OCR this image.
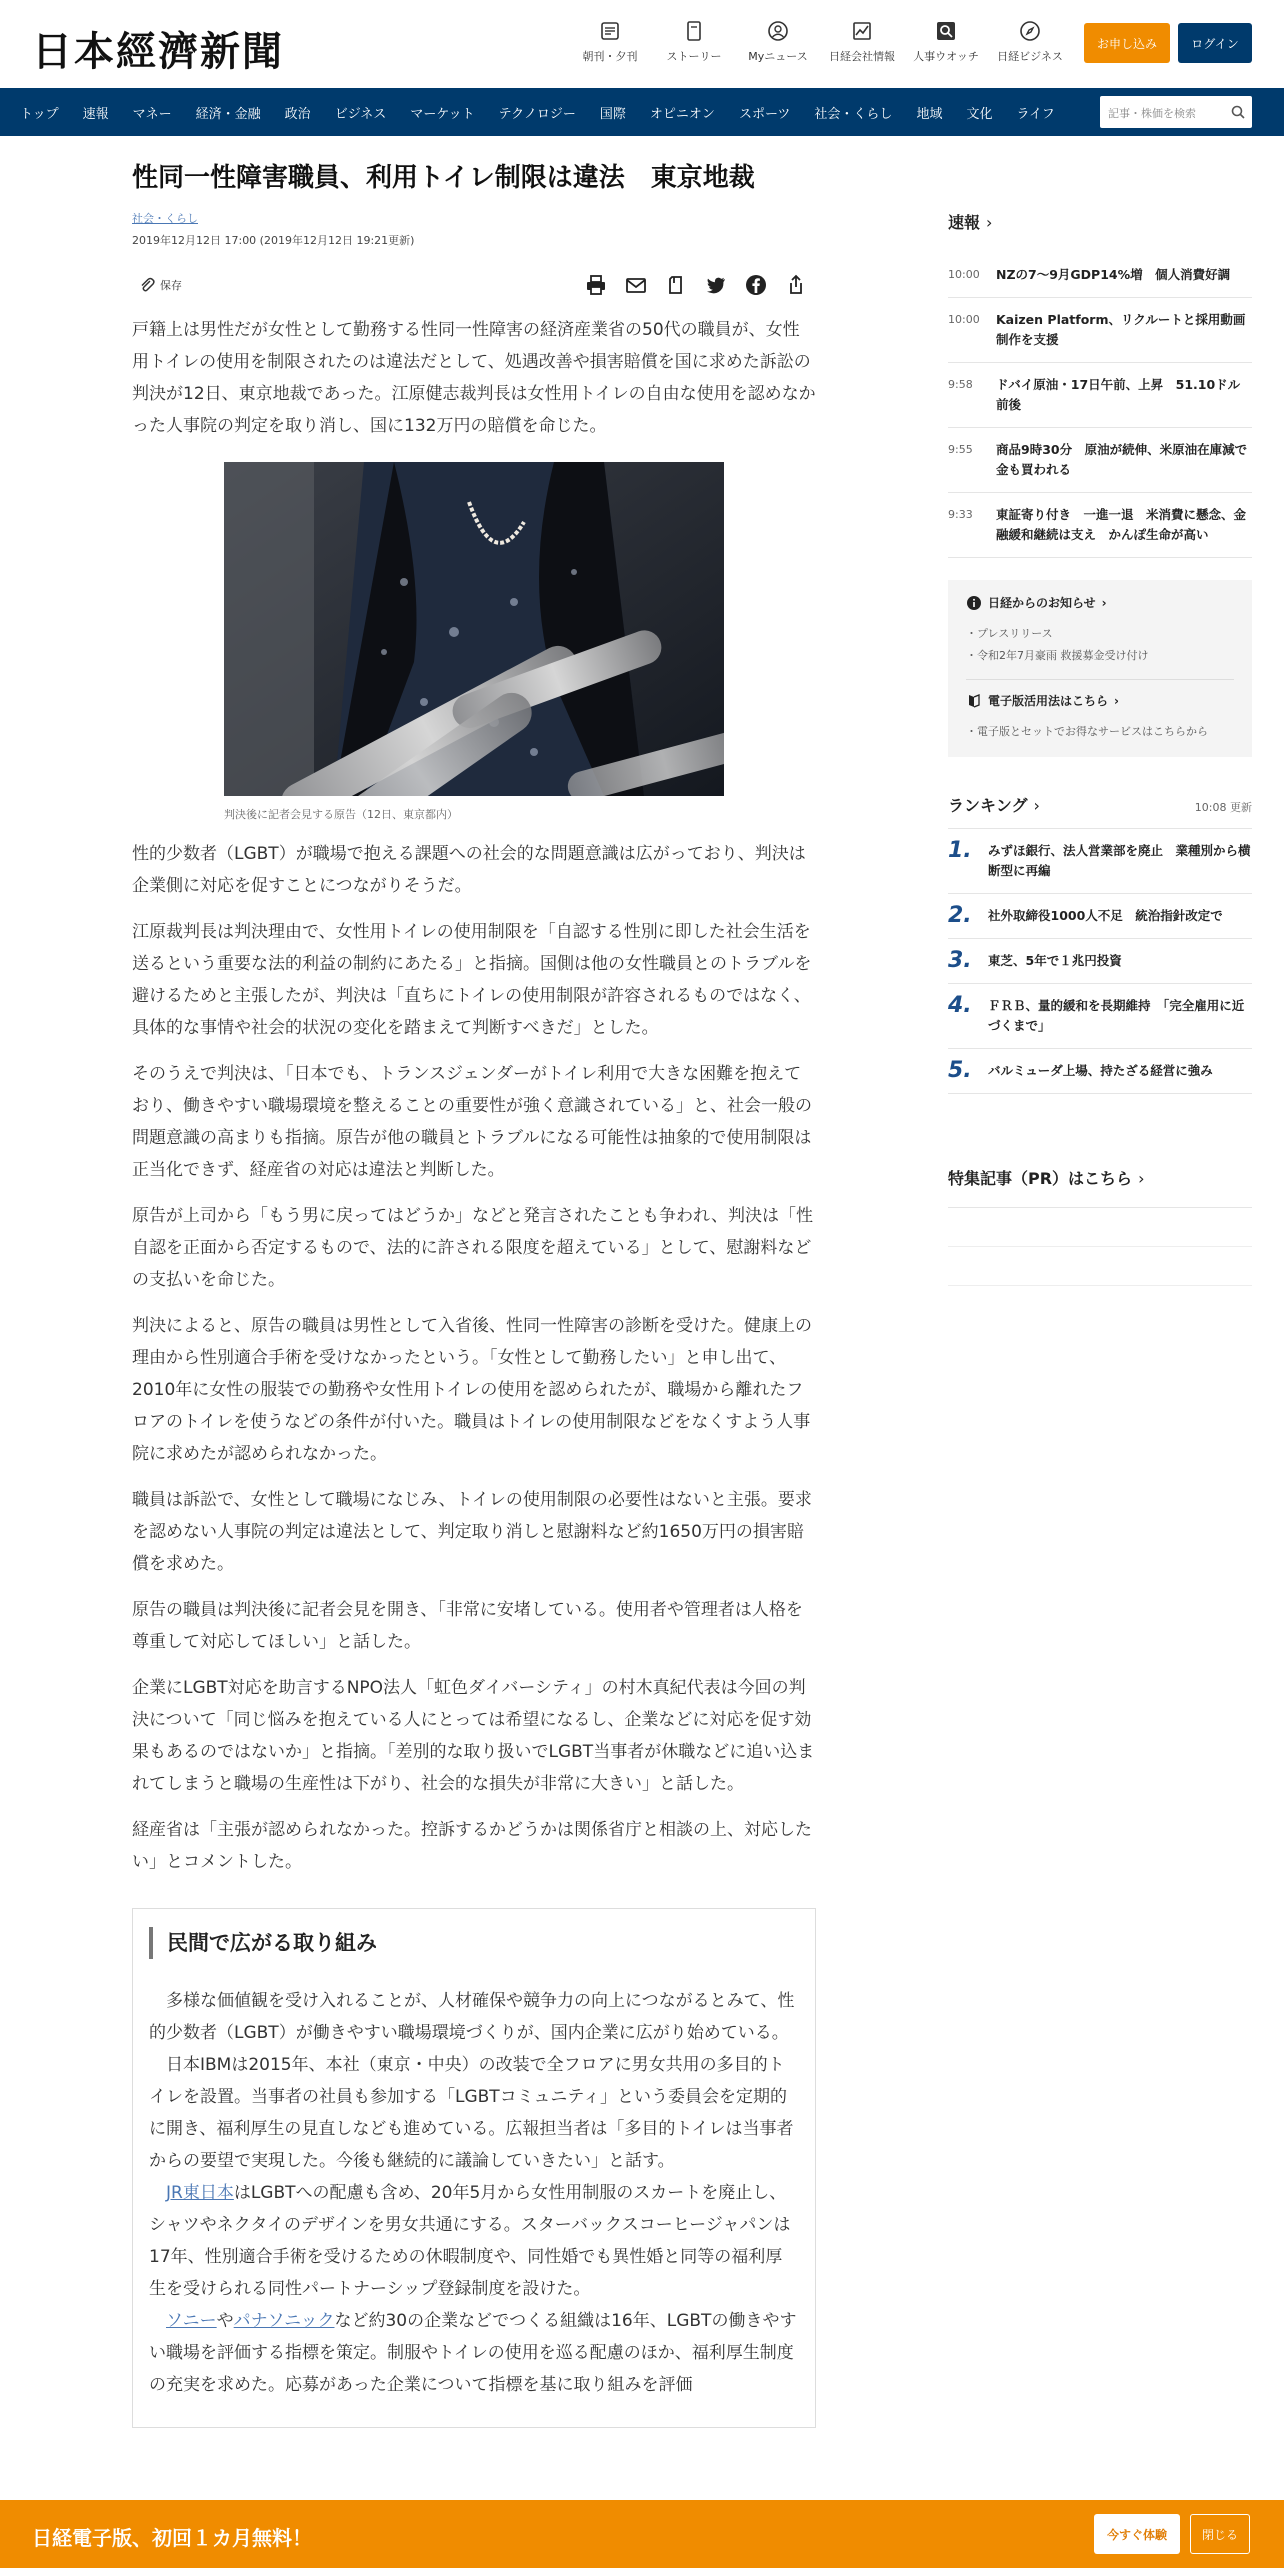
日本經濟新聞	朝刊・夕刊	ストーリー	Myニュース	日経会社情報	人事ウオッチ	日経ビジネス
お申し込み	ログイン
トップ 速報 マネー 経済・金融 政治 ビジネス マーケット テクノロジー 国際 オピニオン スポーツ 社会・くらし 地域 文化 ライフ	記事・株価を検索
性同一性障害職員、利用トイレ制限は違法　東京地裁
社会・くらし
2019年12月12日 17:00 (2019年12月12日 19:21更新)
保存

戸籍上は男性だが女性として勤務する性同一性障害の経済産業省の50代の職員が、女性用トイレの使用を制限されたのは違法だとして、処遇改善や損害賠償を国に求めた訴訟の判決が12日、東京地裁であった。江原健志裁判長は女性用トイレの自由な使用を認めなかった人事院の判定を取り消し、国に132万円の賠償を命じた。

判決後に記者会見する原告（12日、東京都内）

性的少数者（LGBT）が職場で抱える課題への社会的な問題意識は広がっており、判決は企業側に対応を促すことにつながりそうだ。

江原裁判長は判決理由で、女性用トイレの使用制限を「自認する性別に即した社会生活を送るという重要な法的利益の制約にあたる」と指摘。国側は他の女性職員とのトラブルを避けるためと主張したが、判決は「直ちにトイレの使用制限が許容されるものではなく、具体的な事情や社会的状況の変化を踏まえて判断すべきだ」とした。

そのうえで判決は、「日本でも、トランスジェンダーがトイレ利用で大きな困難を抱えており、働きやすい職場環境を整えることの重要性が強く意識されている」と、社会一般の問題意識の高まりも指摘。原告が他の職員とトラブルになる可能性は抽象的で使用制限は正当化できず、経産省の対応は違法と判断した。

原告が上司から「もう男に戻ってはどうか」などと発言されたことも争われ、判決は「性自認を正面から否定するもので、法的に許される限度を超えている」として、慰謝料などの支払いを命じた。

判決によると、原告の職員は男性として入省後、性同一性障害の診断を受けた。健康上の理由から性別適合手術を受けなかったという。「女性として勤務したい」と申し出て、2010年に女性の服装での勤務や女性用トイレの使用を認められたが、職場から離れたフロアのトイレを使うなどの条件が付いた。職員はトイレの使用制限などをなくすよう人事院に求めたが認められなかった。

職員は訴訟で、女性として職場になじみ、トイレの使用制限の必要性はないと主張。要求を認めない人事院の判定は違法として、判定取り消しと慰謝料など約1650万円の損害賠償を求めた。

原告の職員は判決後に記者会見を開き、「非常に安堵している。使用者や管理者は人格を尊重して対応してほしい」と話した。

企業にLGBT対応を助言するNPO法人「虹色ダイバーシティ」の村木真紀代表は今回の判決について「同じ悩みを抱えている人にとっては希望になるし、企業などに対応を促す効果もあるのではないか」と指摘。「差別的な取り扱いでLGBT当事者が休職などに追い込まれてしまうと職場の生産性は下がり、社会的な損失が非常に大きい」と話した。

経産省は「主張が認められなかった。控訴するかどうかは関係省庁と相談の上、対応したい」とコメントした。

民間で広がる取り組み

多様な価値観を受け入れることが、人材確保や競争力の向上につながるとみて、性的少数者（LGBT）が働きやすい職場環境づくりが、国内企業に広がり始めている。

日本IBMは2015年、本社（東京・中央）の改装で全フロアに男女共用の多目的トイレを設置。当事者の社員も参加する「LGBTコミュニティ」という委員会を定期的に開き、福利厚生の見直しなども進めている。広報担当者は「多目的トイレは当事者からの要望で実現した。今後も継続的に議論していきたい」と話す。

JR東日本はLGBTへの配慮も含め、20年5月から女性用制服のスカートを廃止し、シャツやネクタイのデザインを男女共通にする。スターバックスコーヒージャパンは17年、性別適合手術を受けるための休暇制度や、同性婚でも異性婚と同等の福利厚生を受けられる同性パートナーシップ登録制度を設けた。

ソニーやパナソニックなど約30の企業などでつくる組織は16年、LGBTの働きやすい職場を評価する指標を策定。制服やトイレの使用を巡る配慮のほか、福利厚生制度の充実を求めた。応募があった企業について指標を基に取り組みを評価

速報 ›
10:00	NZの7～9月GDP14%増　個人消費好調
10:00	Kaizen Platform、リクルートと採用動画制作を支援
9:58	ドバイ原油・17日午前、上昇　51.10ドル前後
9:55	商品9時30分　原油が続伸、米原油在庫減で　金も買われる
9:33	東証寄り付き　一進一退　米消費に懸念、金融緩和継続は支え　かんぽ生命が高い
日経からのお知らせ ›
・ プレスリリース
・ 令和2年7月豪雨 救援募金受け付け
電子版活用法はこちら ›
・ 電子版とセットでお得なサービスはこちらから
ランキング ›	10:08 更新
1.	みずほ銀行、法人営業部を廃止　業種別から横断型に再編
2.	社外取締役1000人不足　統治指針改定で
3.	東芝、5年で１兆円投資
4.	ＦＲＢ、量的緩和を長期維持　「完全雇用に近づくまで」
5.	バルミューダ上場、持たざる経営に強み
特集記事（PR）はこちら ›
日経電子版、初回１カ月無料！	今すぐ体験	閉じる
